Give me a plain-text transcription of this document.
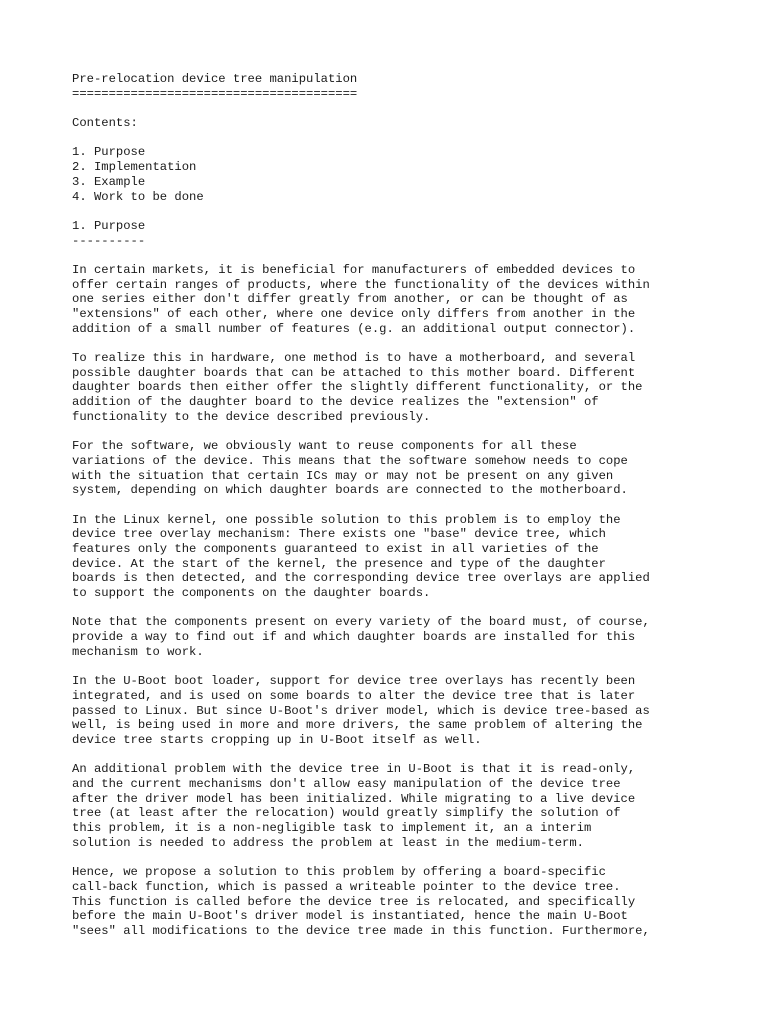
Pre-relocation device tree manipulation
=======================================
Contents:
1. Purpose
2. Implementation
3. Example
4. Work to be done
1. Purpose
----------
In certain markets, it is beneficial for manufacturers of embedded devices to
offer certain ranges of products, where the functionality of the devices within
one series either don't differ greatly from another, or can be thought of as
"extensions" of each other, where one device only differs from another in the
addition of a small number of features (e.g. an additional output connector).
To realize this in hardware, one method is to have a motherboard, and several
possible daughter boards that can be attached to this mother board. Different
daughter boards then either offer the slightly different functionality, or the
addition of the daughter board to the device realizes the "extension" of
functionality to the device described previously.
For the software, we obviously want to reuse components for all these
variations of the device. This means that the software somehow needs to cope
with the situation that certain ICs may or may not be present on any given
system, depending on which daughter boards are connected to the motherboard.
In the Linux kernel, one possible solution to this problem is to employ the
device tree overlay mechanism: There exists one "base" device tree, which
features only the components guaranteed to exist in all varieties of the
device. At the start of the kernel, the presence and type of the daughter
boards is then detected, and the corresponding device tree overlays are applied
to support the components on the daughter boards.
Note that the components present on every variety of the board must, of course,
provide a way to find out if and which daughter boards are installed for this
mechanism to work.
In the U-Boot boot loader, support for device tree overlays has recently been
integrated, and is used on some boards to alter the device tree that is later
passed to Linux. But since U-Boot's driver model, which is device tree-based as
well, is being used in more and more drivers, the same problem of altering the
device tree starts cropping up in U-Boot itself as well.
An additional problem with the device tree in U-Boot is that it is read-only,
and the current mechanisms don't allow easy manipulation of the device tree
after the driver model has been initialized. While migrating to a live device
tree (at least after the relocation) would greatly simplify the solution of
this problem, it is a non-negligible task to implement it, an a interim
solution is needed to address the problem at least in the medium-term.
Hence, we propose a solution to this problem by offering a board-specific
call-back function, which is passed a writeable pointer to the device tree.
This function is called before the device tree is relocated, and specifically
before the main U-Boot's driver model is instantiated, hence the main U-Boot
"sees" all modifications to the device tree made in this function. Furthermore,
